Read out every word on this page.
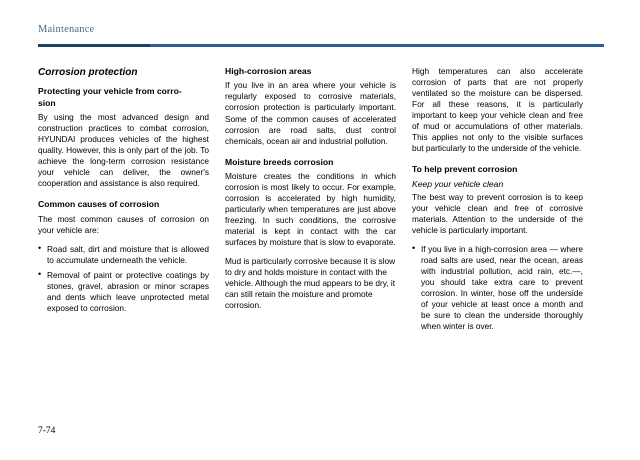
Maintenance
Corrosion protection
Protecting your vehicle from corro-
sion

By using the most advanced design and construction practices to combat corrosion, HYUNDAI produces vehicles of the highest quality. However, this is only part of the job. To achieve the long-term corrosion resistance your vehicle can deliver, the owner's cooperation and assistance is also required.

Common causes of corrosion

The most common causes of corrosion on your vehicle are:

• Road salt, dirt and moisture that is allowed to accumulate underneath the vehicle.
• Removal of paint or protective coatings by stones, gravel, abrasion or minor scrapes and dents which leave unprotected metal exposed to corrosion.
High-corrosion areas

If you live in an area where your vehicle is regularly exposed to corrosive materials, corrosion protection is particularly important. Some of the common causes of accelerated corrosion are road salts, dust control chemicals, ocean air and industrial pollution.

Moisture breeds corrosion

Moisture creates the conditions in which corrosion is most likely to occur. For example, corrosion is accelerated by high humidity, particularly when temperatures are just above freezing. In such conditions, the corrosive material is kept in contact with the car surfaces by moisture that is slow to evaporate.

Mud is particularly corrosive because it is slow to dry and holds moisture in contact with the vehicle. Although the mud appears to be dry, it can still retain the moisture and promote corrosion.

High temperatures can also accelerate corrosion of parts that are not properly ventilated so the moisture can be dispersed. For all these reasons, it is particularly important to keep your vehicle clean and free of mud or accumulations of other materials. This applies not only to the visible surfaces but particularly to the underside of the vehicle.

To help prevent corrosion
Keep your vehicle clean

The best way to prevent corrosion is to keep your vehicle clean and free of corrosive materials. Attention to the underside of the vehicle is particularly important.

• If you live in a high-corrosion area — where road salts are used, near the ocean, areas with industrial pollution, acid rain, etc.—, you should take extra care to prevent corrosion. In winter, hose off the underside of your vehicle at least once a month and be sure to clean the underside thoroughly when winter is over.
7-74
